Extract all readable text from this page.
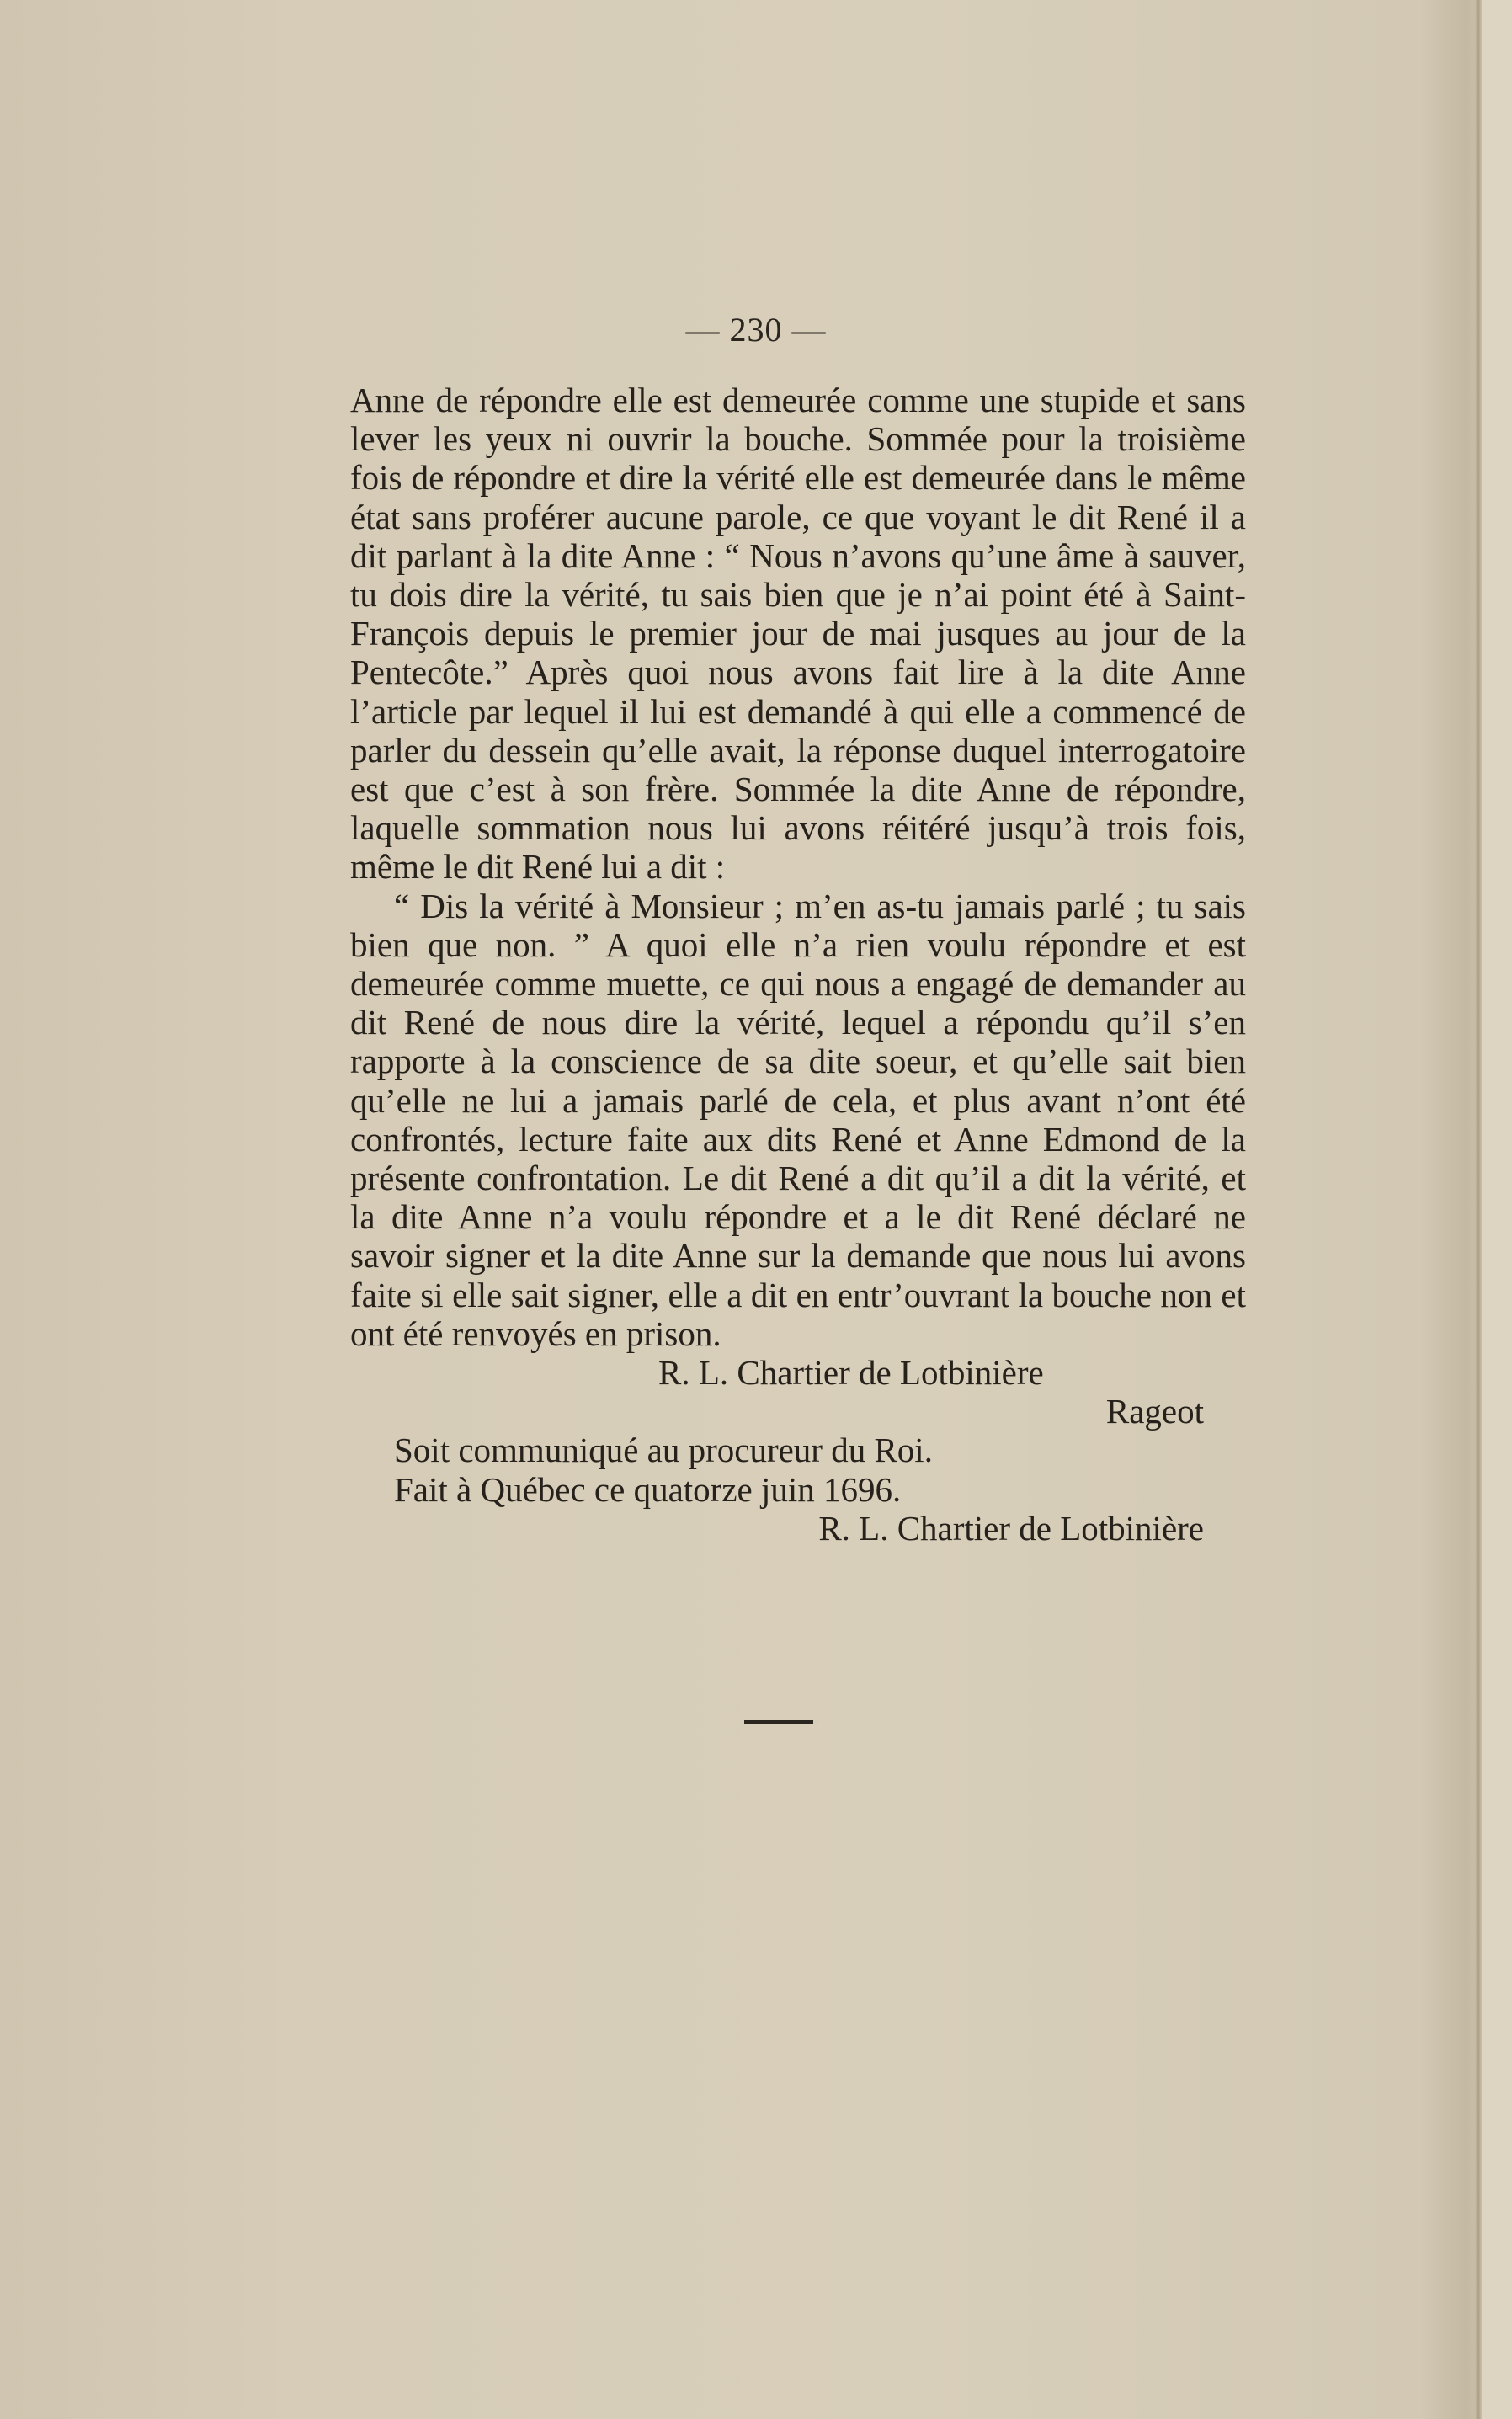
— 230 —

Anne de répondre elle est demeurée comme une stupide et sans lever les yeux ni ouvrir la bouche. Sommée pour la troisième fois de répondre et dire la vérité elle est demeurée dans le même état sans proférer aucune parole, ce que voyant le dit René il a dit parlant à la dite Anne : “ Nous n’avons qu’une âme à sauver, tu dois dire la vérité, tu sais bien que je n’ai point été à Saint-François depuis le premier jour de mai jusques au jour de la Pentecôte.” Après quoi nous avons fait lire à la dite Anne l’article par lequel il lui est demandé à qui elle a commencé de parler du dessein qu’elle avait, la réponse duquel interrogatoire est que c’est à son frère. Sommée la dite Anne de répondre, laquelle sommation nous lui avons réitéré jusqu’à trois fois, même le dit René lui a dit :

“ Dis la vérité à Monsieur ; m’en as-tu jamais parlé ; tu sais bien que non. ” A quoi elle n’a rien voulu répondre et est demeurée comme muette, ce qui nous a engagé de demander au dit René de nous dire la vérité, lequel a répondu qu’il s’en rapporte à la conscience de sa dite soeur, et qu’elle sait bien qu’elle ne lui a jamais parlé de cela, et plus avant n’ont été confrontés, lecture faite aux dits René et Anne Edmond de la présente confrontation. Le dit René a dit qu’il a dit la vérité, et la dite Anne n’a voulu répondre et a le dit René déclaré ne savoir signer et la dite Anne sur la demande que nous lui avons faite si elle sait signer, elle a dit en entr’ouvrant la bouche non et ont été renvoyés en prison.

R. L. Chartier de Lotbinière
Rageot
Soit communiqué au procureur du Roi.
Fait à Québec ce quatorze juin 1696.
R. L. Chartier de Lotbinière
